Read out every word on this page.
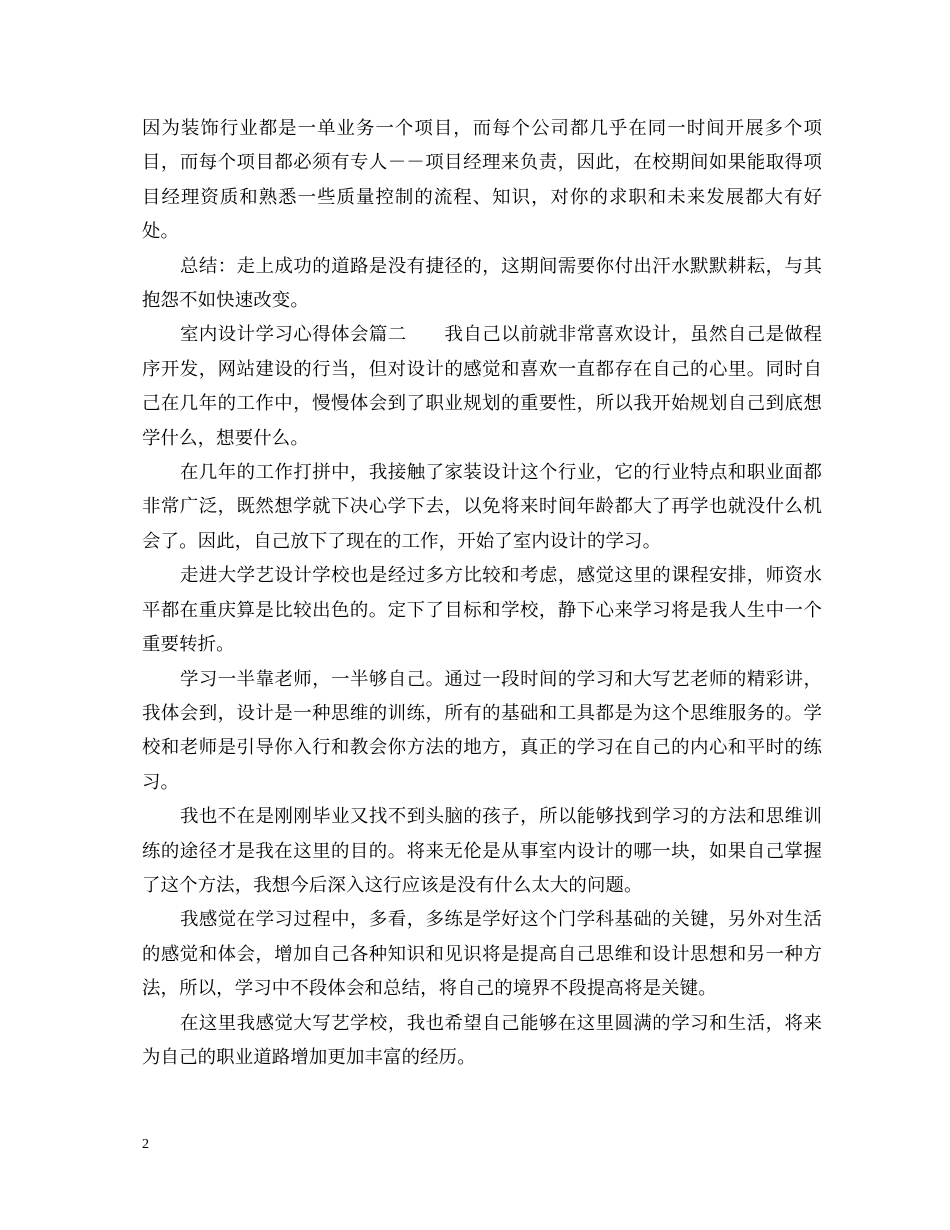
因为装饰行业都是一单业务一个项目，而每个公司都几乎在同一时间开展多个项目，而每个项目都必须有专人－－项目经理来负责，因此，在校期间如果能取得项目经理资质和熟悉一些质量控制的流程、知识，对你的求职和未来发展都大有好处。

总结：走上成功的道路是没有捷径的，这期间需要你付出汗水默默耕耘，与其抱怨不如快速改变。

室内设计学习心得体会篇二　　我自己以前就非常喜欢设计，虽然自己是做程序开发，网站建设的行当，但对设计的感觉和喜欢一直都存在自己的心里。同时自己在几年的工作中，慢慢体会到了职业规划的重要性，所以我开始规划自己到底想学什么，想要什么。

在几年的工作打拼中，我接触了家装设计这个行业，它的行业特点和职业面都非常广泛，既然想学就下决心学下去，以免将来时间年龄都大了再学也就没什么机会了。因此，自己放下了现在的工作，开始了室内设计的学习。

走进大学艺设计学校也是经过多方比较和考虑，感觉这里的课程安排，师资水平都在重庆算是比较出色的。定下了目标和学校，静下心来学习将是我人生中一个重要转折。

学习一半靠老师，一半够自己。通过一段时间的学习和大写艺老师的精彩讲，我体会到，设计是一种思维的训练，所有的基础和工具都是为这个思维服务的。学校和老师是引导你入行和教会你方法的地方，真正的学习在自己的内心和平时的练习。

我也不在是刚刚毕业又找不到头脑的孩子，所以能够找到学习的方法和思维训练的途径才是我在这里的目的。将来无伦是从事室内设计的哪一块，如果自己掌握了这个方法，我想今后深入这行应该是没有什么太大的问题。

我感觉在学习过程中，多看，多练是学好这个门学科基础的关键，另外对生活的感觉和体会，增加自己各种知识和见识将是提高自己思维和设计思想和另一种方法，所以，学习中不段体会和总结，将自己的境界不段提高将是关键。

在这里我感觉大写艺学校，我也希望自己能够在这里圆满的学习和生活，将来为自己的职业道路增加更加丰富的经历。

2
